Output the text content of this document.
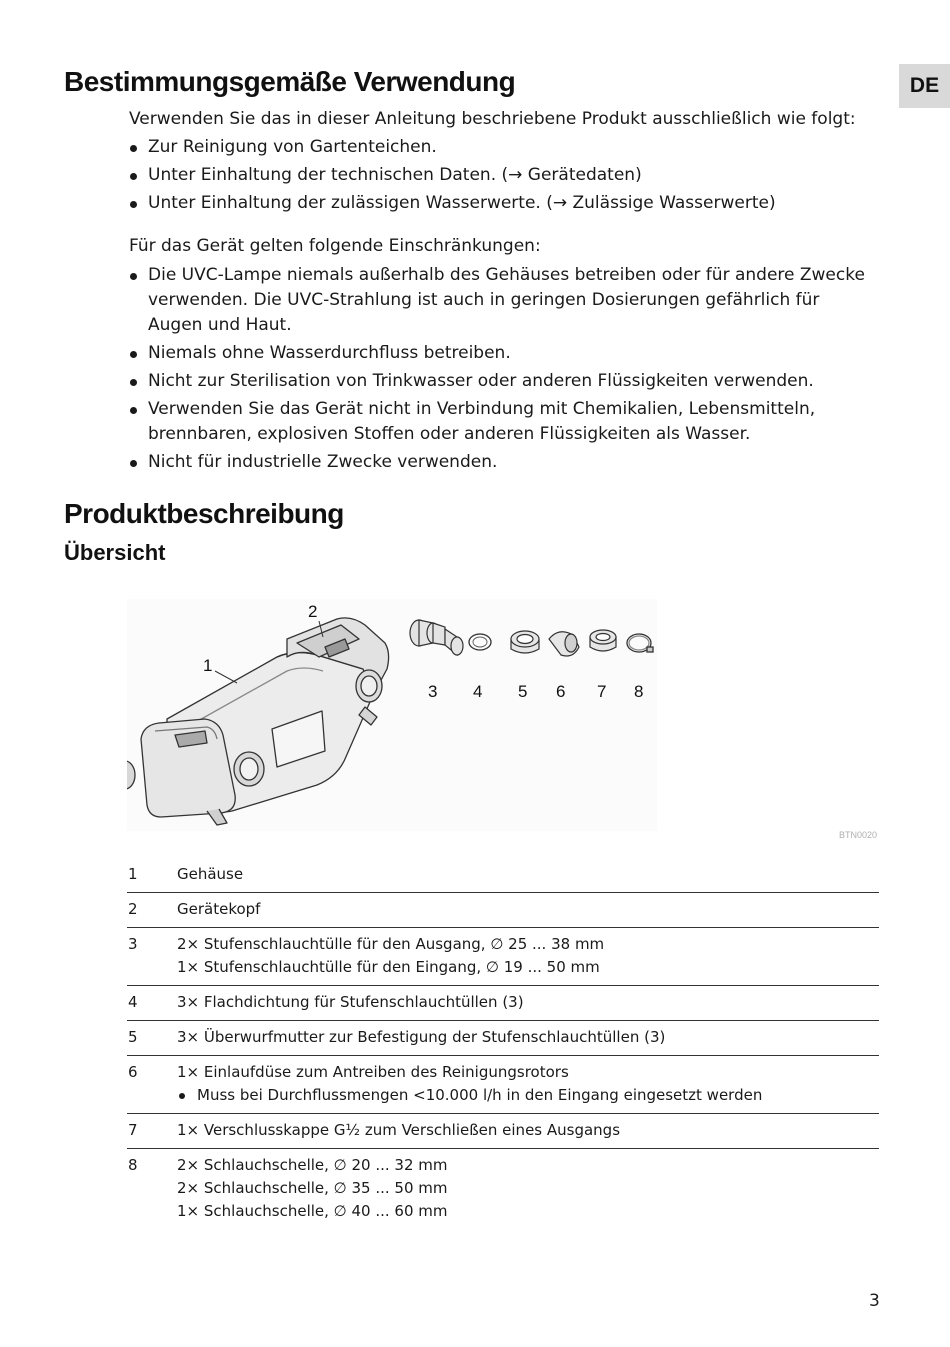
DE
Bestimmungsgemäße Verwendung

Verwenden Sie das in dieser Anleitung beschriebene Produkt ausschließlich wie folgt:

Zur Reinigung von Gartenteichen.
Unter Einhaltung der technischen Daten. (→ Gerätedaten)
Unter Einhaltung der zulässigen Wasserwerte. (→ Zulässige Wasserwerte)

Für das Gerät gelten folgende Einschränkungen:

Die UVC-Lampe niemals außerhalb des Gehäuses betreiben oder für andere Zwecke verwenden. Die UVC-Strahlung ist auch in geringen Dosierungen gefährlich für Augen und Haut.
Niemals ohne Wasserdurchfluss betreiben.
Nicht zur Sterilisation von Trinkwasser oder anderen Flüssigkeiten verwenden.
Verwenden Sie das Gerät nicht in Verbindung mit Chemikalien, Lebensmitteln, brennbaren, explosiven Stoffen oder anderen Flüssigkeiten als Wasser.
Nicht für industrielle Zwecke verwenden.
Produktbeschreibung
Übersicht
1
2
3 4 5 6 7 8
BTN0020
1	Gehäuse

2	Gerätekopf

3	2× Stufenschlauchtülle für den Ausgang, ∅ 25 ... 38 mm
1× Stufenschlauchtülle für den Eingang, ∅ 19 ... 50 mm

4	3× Flachdichtung für Stufenschlauchtüllen (3)

5	3× Überwurfmutter zur Befestigung der Stufenschlauchtüllen (3)

6	1× Einlaufdüse zum Antreiben des Reinigungsrotors
Muss bei Durchflussmengen <10.000 l/h in den Eingang eingesetzt werden

7	1× Verschlusskappe G½ zum Verschließen eines Ausgangs

8	2× Schlauchschelle, ∅ 20 ... 32 mm
2× Schlauchschelle, ∅ 35 ... 50 mm
1× Schlauchschelle, ∅ 40 ... 60 mm
3
